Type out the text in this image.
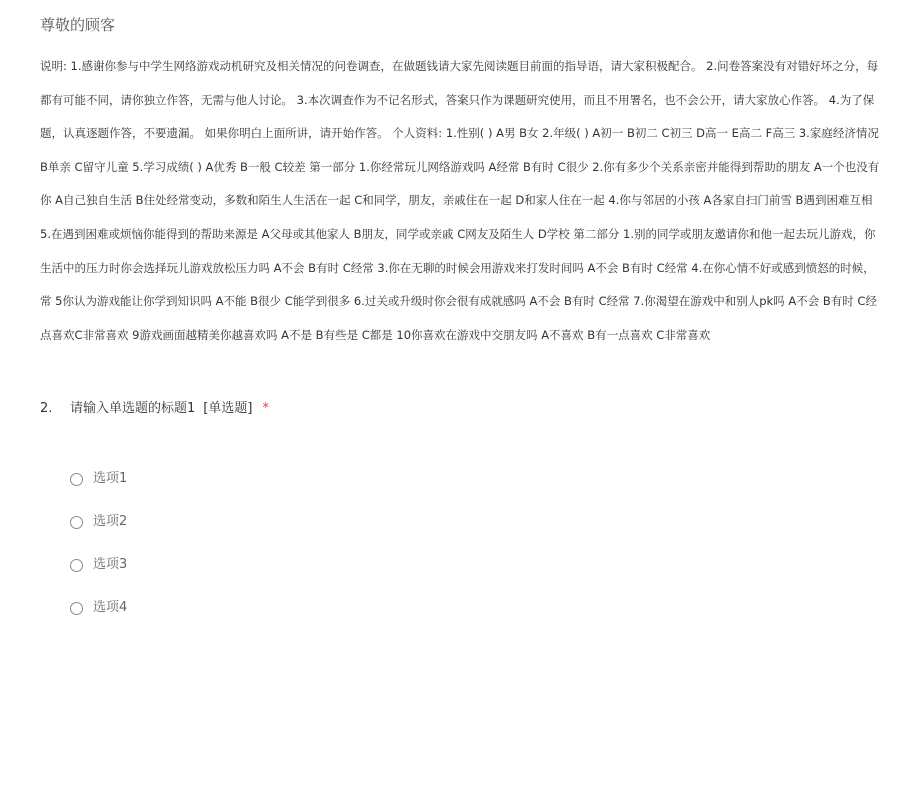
尊敬的顾客
说明: 1.感谢你参与中学生网络游戏动机研究及相关情况的问卷调查，在做题钱请大家先阅读题目前面的指导语，请大家积极配合。 2.问卷答案没有对错好坏之分，每
都有可能不同，请你独立作答，无需与他人讨论。 3.本次调查作为不记名形式，答案只作为课题研究使用，而且不用署名，也不会公开，请大家放心作答。 4.为了保
题，认真逐题作答，不要遗漏。 如果你明白上面所讲，请开始作答。 个人资料: 1.性别( ) A男 B女 2.年级( ) A初一 B初二 C初三 D高一 E高二 F高三 3.家庭经济情况
B单亲 C留守儿童 5.学习成绩( ) A优秀 B一般 C较差 第一部分 1.你经常玩儿网络游戏吗 A经常 B有时 C很少 2.你有多少个关系亲密并能得到帮助的朋友 A一个也没有
你 A自己独自生活 B住处经常变动，多数和陌生人生活在一起 C和同学，朋友，亲戚住在一起 D和家人住在一起 4.你与邻居的小孩 A各家自扫门前雪 B遇到困难互相
5.在遇到困难或烦恼你能得到的帮助来源是 A父母或其他家人 B朋友，同学或亲戚 C网友及陌生人 D学校 第二部分 1.别的同学或朋友邀请你和他一起去玩儿游戏，你
生活中的压力时你会选择玩儿游戏放松压力吗 A不会 B有时 C经常 3.你在无聊的时候会用游戏来打发时间吗 A不会 B有时 C经常 4.在你心情不好或感到愤怒的时候，
常 5你认为游戏能让你学到知识吗 A不能 B很少 C能学到很多 6.过关或升级时你会很有成就感吗 A不会 B有时 C经常 7.你渴望在游戏中和别人pk吗 A不会 B有时 C经
点喜欢C非常喜欢 9游戏画面越精美你越喜欢吗 A不是 B有些是 C都是 10你喜欢在游戏中交朋友吗 A不喜欢 B有一点喜欢 C非常喜欢
2. 请输入单选题的标题1 [单选题] *
选项1
选项2
选项3
选项4
